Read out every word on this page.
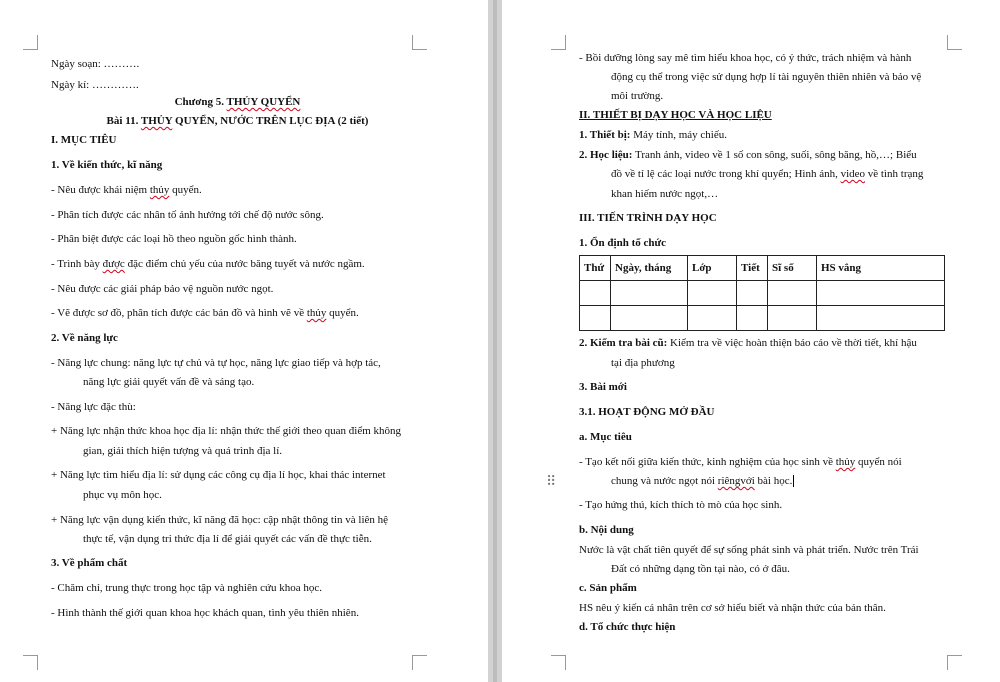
Ngày soạn: ……….
Ngày kí: ………….
Chương 5. THỦY QUYỂN
Bài 11. THỦY QUYỂN, NƯỚC TRÊN LỤC ĐỊA (2 tiết)
I. MỤC TIÊU
1. Về kiến thức, kĩ năng
- Nêu được khái niệm thủy quyển.
- Phân tích được các nhân tố ảnh hưởng tới chế độ nước sông.
- Phân biệt được các loại hồ theo nguồn gốc hình thành.
- Trình bày được đặc điểm chủ yếu của nước băng tuyết và nước ngầm.
- Nêu được các giải pháp bảo vệ nguồn nước ngọt.
- Vẽ được sơ đồ, phân tích được các bản đồ và hình vẽ về thủy quyển.
2. Về năng lực
- Năng lực chung: năng lực tự chủ và tự học, năng lực giao tiếp và hợp tác,
năng lực giải quyết vấn đề và sáng tạo.
- Năng lực đặc thù:
+ Năng lực nhận thức khoa học địa lí: nhận thức thế giới theo quan điểm không
gian, giải thích hiện tượng và quá trình địa lí.
+ Năng lực tìm hiểu địa lí: sử dụng các công cụ địa lí học, khai thác internet
phục vụ môn học.
+ Năng lực vận dụng kiến thức, kĩ năng đã học: cập nhật thông tin và liên hệ
thực tế, vận dụng tri thức địa lí để giải quyết các vấn đề thực tiễn.
3. Về phẩm chất
- Chăm chỉ, trung thực trong học tập và nghiên cứu khoa học.
- Hình thành thế giới quan khoa học khách quan, tình yêu thiên nhiên.
- Bồi dưỡng lòng say mê tìm hiểu khoa học, có ý thức, trách nhiệm và hành
động cụ thể trong việc sử dụng hợp lí tài nguyên thiên nhiên và bảo vệ
môi trường.
II. THIẾT BỊ DẠY HỌC VÀ HỌC LIỆU
1. Thiết bị: Máy tính, máy chiếu.
2. Học liệu: Tranh ảnh, video về 1 số con sông, suối, sông băng, hồ,…; Biểu
đồ về tỉ lệ các loại nước trong khí quyển; Hình ảnh, video về tình trạng
khan hiếm nước ngọt,…
III. TIẾN TRÌNH DẠY HỌC
1. Ổn định tổ chức
Thứ	Ngày, tháng	Lớp	Tiết	Sĩ số	HS vắng

2. Kiểm tra bài cũ: Kiểm tra về việc hoàn thiện báo cáo về thời tiết, khí hậu
tại địa phương
3. Bài mới
3.1. HOẠT ĐỘNG MỞ ĐẦU
a. Mục tiêu
⠿
- Tạo kết nối giữa kiến thức, kinh nghiệm của học sinh về thủy quyển nói
chung và nước ngọt nói riêngvới bài học.
- Tạo hứng thú, kích thích tò mò của học sinh.
b. Nội dung
Nước là vật chất tiên quyết để sự sống phát sinh và phát triển. Nước trên Trái
Đất có những dạng tồn tại nào, có ở đâu.
c. Sản phẩm
HS nêu ý kiến cá nhân trên cơ sở hiểu biết và nhận thức của bản thân.
d. Tổ chức thực hiện
